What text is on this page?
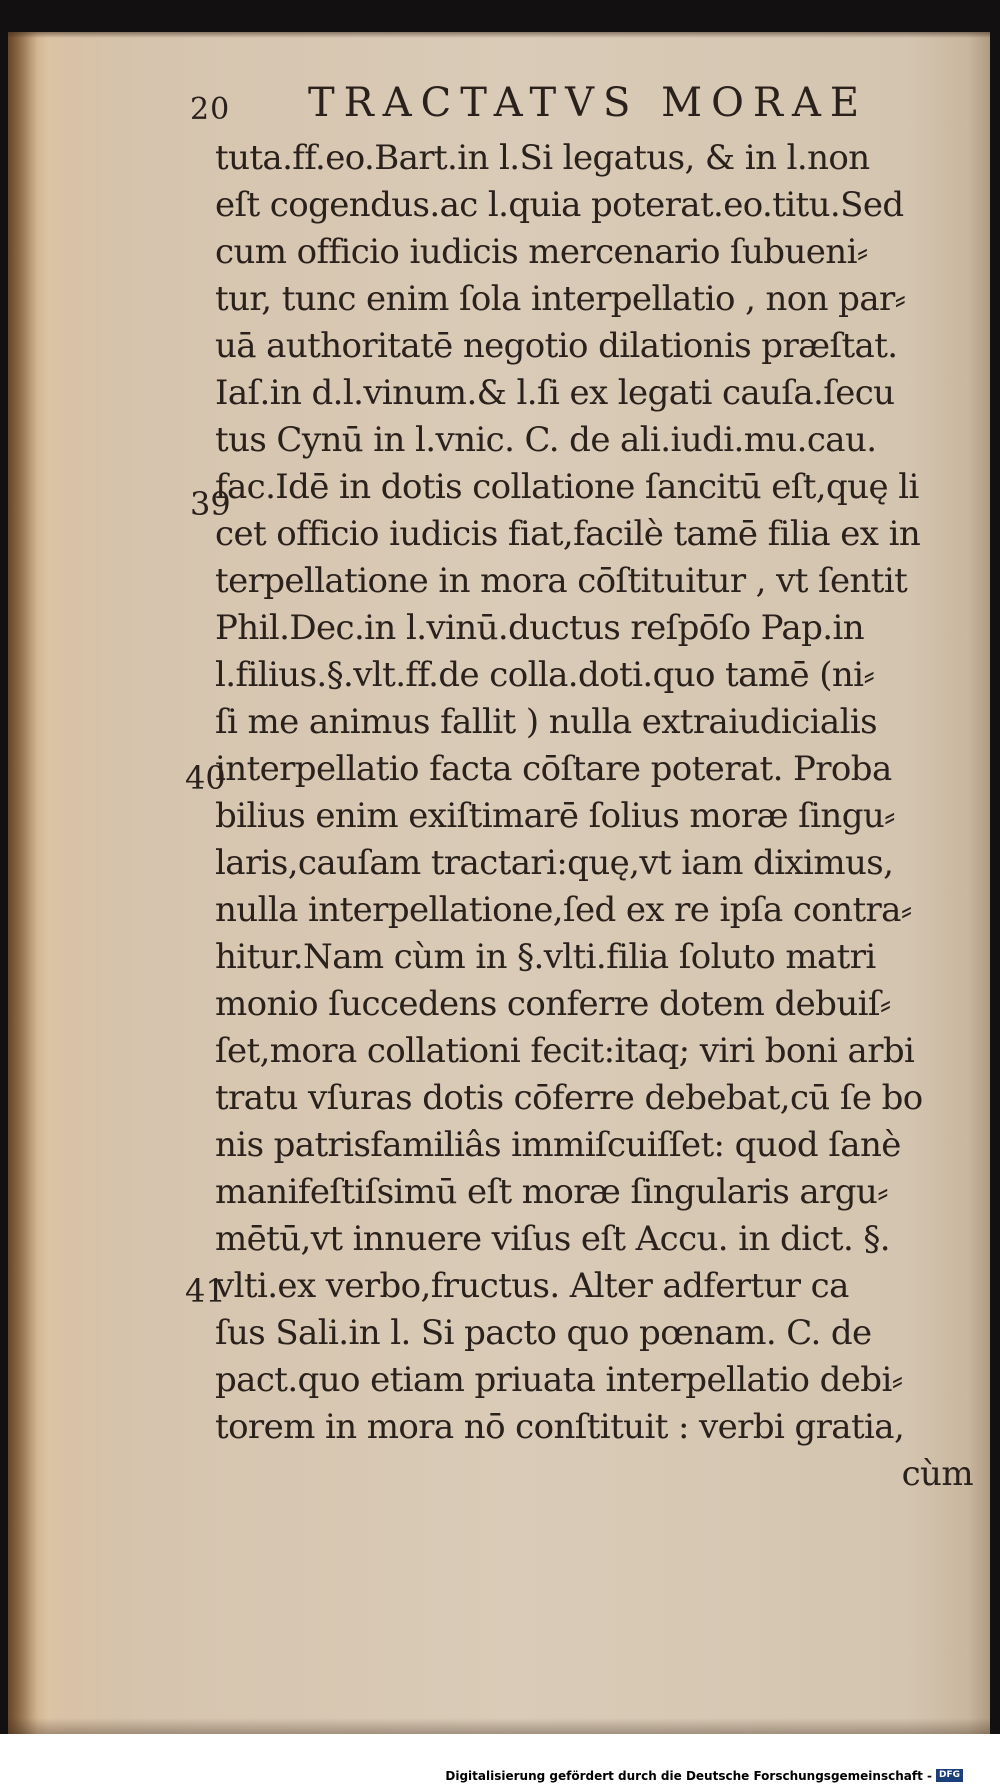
20 TRACTATVS MORAE
39
40
41
tuta.ff.eo.Bart.in l.Si legatus, & in l.non
eſt cogendus.ac l.quia poterat.eo.titu.Sed
cum officio iudicis mercenario ſubueni⸗
tur, tunc enim ſola interpellatio , non par⸗
uā authoritatē negotio dilationis præſtat.
Iaſ.in d.l.vinum.& l.ſi ex legati cauſa.ſecu
tus Cynū in l.vnic. C. de ali.iudi.mu.cau.
fac.Idē in dotis collatione ſancitū eſt,quę li
cet officio iudicis fiat,facilè tamē filia ex in
terpellatione in mora cōſtituitur , vt ſentit
Phil.Dec.in l.vinū.ductus reſpōſo Pap.in
l.filius.§.vlt.ff.de colla.doti.quo tamē (ni⸗
ſi me animus fallit ) nulla extraiudicialis
interpellatio facta cōſtare poterat. Proba
bilius enim exiſtimarē ſolius moræ ſingu⸗
laris,cauſam tractari:quę,vt iam diximus,
nulla interpellatione,ſed ex re ipſa contra⸗
hitur.Nam cùm in §.vlti.filia ſoluto matri
monio ſuccedens conferre dotem debuiſ⸗
ſet,mora collationi fecit:itaq; viri boni arbi
tratu vſuras dotis cōferre debebat,cū ſe bo
nis patrisfamiliâs immiſcuiſſet: quod ſanè
manifeſtiſsimū eſt moræ ſingularis argu⸗
mētū,vt innuere viſus eſt Accu. in dict. §.
vlti.ex verbo,fructus. Alter adfertur ca
ſus Sali.in l. Si pacto quo pœnam. C. de
pact.quo etiam priuata interpellatio debi⸗
torem in mora nō conſtituit : verbi gratia,
cùm
Digitalisierung gefördert durch die Deutsche Forschungsgemeinschaft - DFG
